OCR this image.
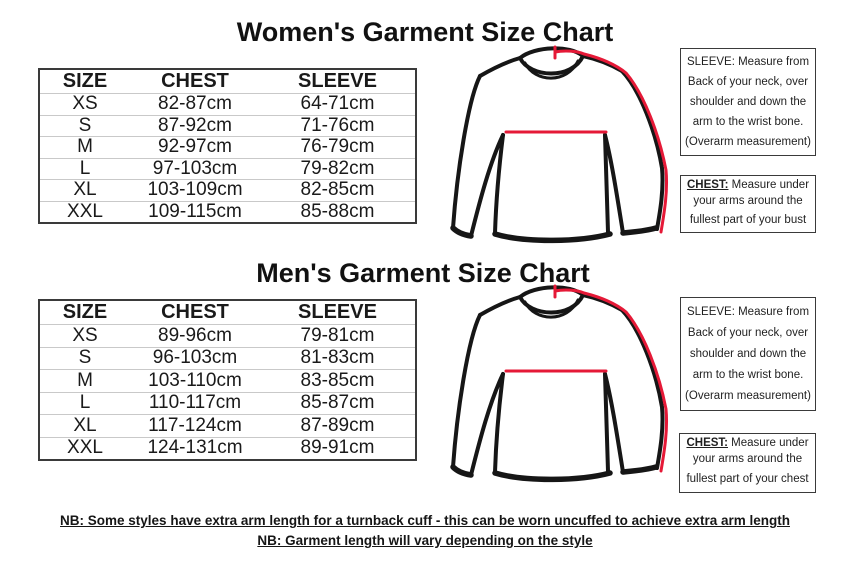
Women's Garment Size Chart
SIZE	CHEST	SLEEVE
XS	82-87cm	64-71cm
S	87-92cm	71-76cm
M	92-97cm	76-79cm
L	97-103cm	79-82cm
XL	103-109cm	82-85cm
XXL	109-115cm	85-88cm
SLEEVE: Measure from
Back of your neck, over
shoulder and down the
arm to the wrist bone.
(Overarm measurement)
CHEST: Measure under
your arms around the
fullest part of your bust
Men's Garment Size Chart
SIZE	CHEST	SLEEVE
XS	89-96cm	79-81cm
S	96-103cm	81-83cm
M	103-110cm	83-85cm
L	110-117cm	85-87cm
XL	117-124cm	87-89cm
XXL	124-131cm	89-91cm
SLEEVE: Measure from
Back of your neck, over
shoulder and down the
arm to the wrist bone.
(Overarm measurement)
CHEST: Measure under
your arms around the
fullest part of your chest
NB: Some styles have extra arm length for a turnback cuff - this can be worn uncuffed to achieve extra arm length
NB: Garment length will vary depending on the style
